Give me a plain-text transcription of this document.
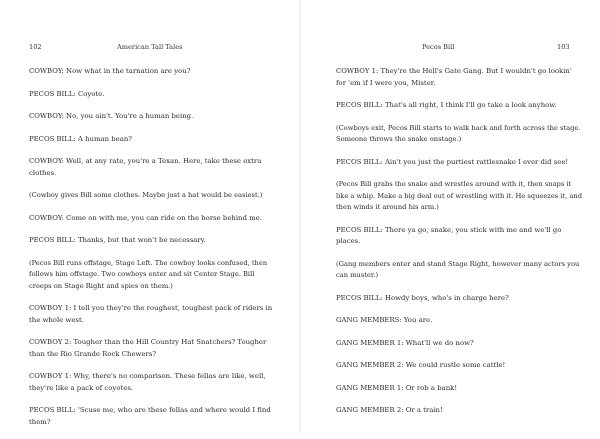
102	American Tall Tales

COWBOY: Now what in the tarnation are you?

PECOS BILL: Coyote.

COWBOY: No, you ain't. You're a human being.

PECOS BILL: A human bean?

COWBOY: Well, at any rate, you're a Texan. Here, take these extra clothes.

(Cowboy gives Bill some clothes. Maybe just a hat would be easiest.)

COWBOY: Come on with me, you can ride on the horse behind me.

PECOS BILL: Thanks, but that won't be necessary.

(Pecos Bill runs offstage, Stage Left. The cowboy looks confused, then follows him offstage. Two cowboys enter and sit Center Stage. Bill creeps on Stage Right and spies on them.)

COWBOY 1: I tell you they're the roughest, toughest pack of riders in the whole west.

COWBOY 2: Tougher than the Hill Country Hat Snatchers? Tougher than the Rio Grande Rock Chewers?

COWBOY 1: Why, there's no comparison. These fellas are like, well, they're like a pack of coyotes.

PECOS BILL: 'Scuse me, who are these fellas and where would I find them?

Pecos Bill	103

COWBOY 1: They're the Hell's Gate Gang. But I wouldn't go lookin' for 'em if I were you, Mister.

PECOS BILL: That's all right, I think I'll go take a look anyhow.

(Cowboys exit, Pecos Bill starts to walk back and forth across the stage. Someone throws the snake onstage.)

PECOS BILL: Ain't you just the purtiest rattlesnake I ever did see!

(Pecos Bill grabs the snake and wrestles around with it, then snaps it like a whip. Make a big deal out of wrestling with it. He squeezes it, and then winds it around his arm.)

PECOS BILL: There ya go, snake, you stick with me and we'll go places.

(Gang members enter and stand Stage Right, however many actors you can muster.)

PECOS BILL: Howdy boys, who's in charge here?

GANG MEMBERS: You are.

GANG MEMBER 1: What'll we do now?

GANG MEMBER 2: We could rustle some cattle!

GANG MEMBER 1: Or rob a bank!

GANG MEMBER 2: Or a train!
